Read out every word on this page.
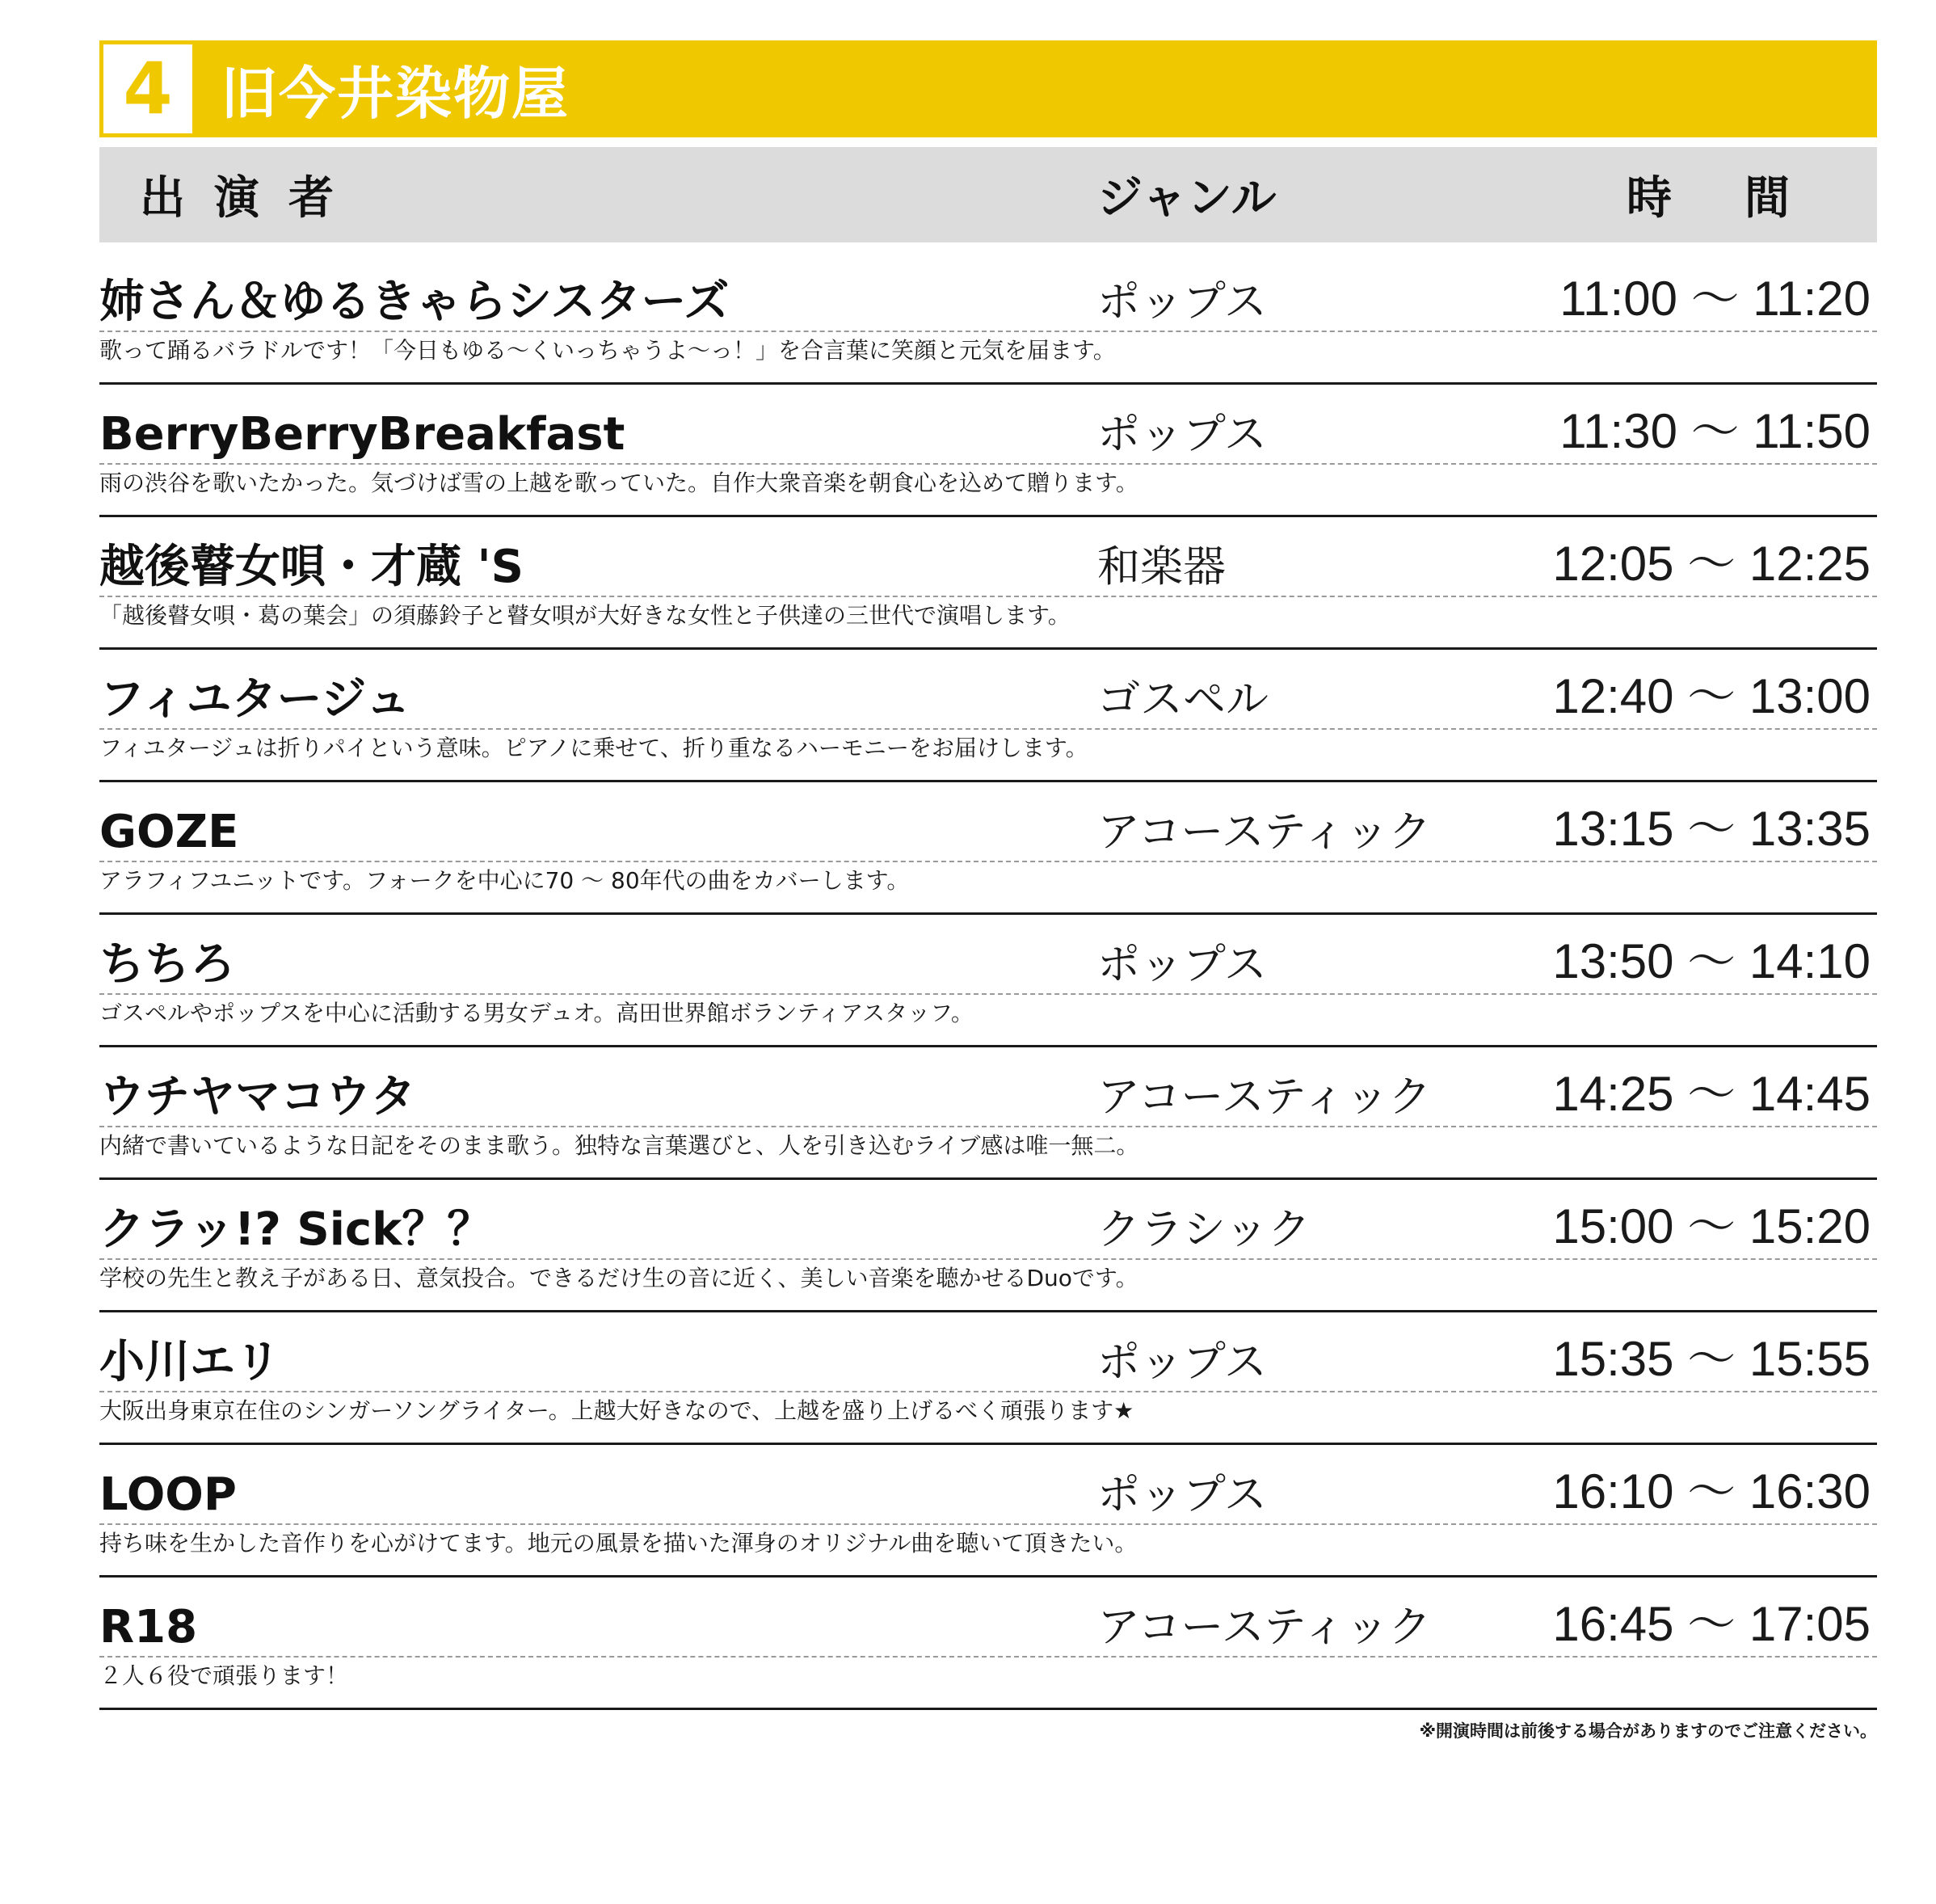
4 旧今井染物屋
出演者	ジャンル	時間
姉さん＆ゆるきゃらシスターズ	ポップス	11:00 ～ 11:20
歌って踊るバラドルです！「今日もゆる～くいっちゃうよ～っ！」を合言葉に笑顔と元気を届ます。
BerryBerryBreakfast	ポップス	11:30 ～ 11:50
雨の渋谷を歌いたかった。気づけば雪の上越を歌っていた。自作大衆音楽を朝食心を込めて贈ります。
越後瞽女唄・才蔵 'S	和楽器	12:05 ～ 12:25
「越後瞽女唄・葛の葉会」の須藤鈴子と瞽女唄が大好きな女性と子供達の三世代で演唱します。
フィユタージュ	ゴスペル	12:40 ～ 13:00
フィユタージュは折りパイという意味。ピアノに乗せて、折り重なるハーモニーをお届けします。
GOZE	アコースティック 13:15 ～ 13:35
アラフィフユニットです。フォークを中心に70 ～ 80年代の曲をカバーします。
ちちろ	ポップス	13:50 ～ 14:10
ゴスペルやポップスを中心に活動する男女デュオ。高田世界館ボランティアスタッフ。
ウチヤマコウタ	アコースティック 14:25 ～ 14:45
内緒で書いているような日記をそのまま歌う。独特な言葉選びと、人を引き込むライブ感は唯一無二。
クラッ!? Sick？？	クラシック	15:00 ～ 15:20
学校の先生と教え子がある日、意気投合。できるだけ生の音に近く、美しい音楽を聴かせるDuoです。
小川エリ	ポップス	15:35 ～ 15:55
大阪出身東京在住のシンガーソングライター。上越大好きなので、上越を盛り上げるべく頑張ります★
LOOP	ポップス	16:10 ～ 16:30
持ち味を生かした音作りを心がけてます。地元の風景を描いた渾身のオリジナル曲を聴いて頂きたい。
R18	アコースティック 16:45 ～ 17:05
２人６役で頑張ります！
※開演時間は前後する場合がありますのでご注意ください。
